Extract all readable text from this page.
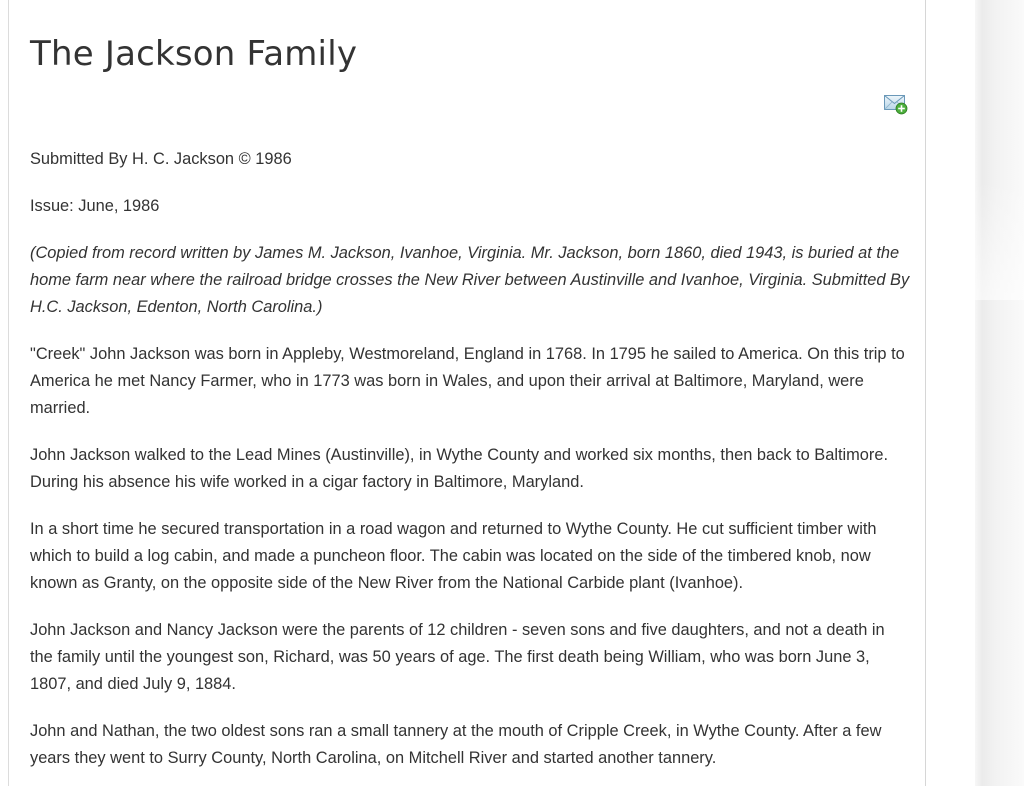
The Jackson Family

Submitted By H. C. Jackson © 1986

Issue: June, 1986

(Copied from record written by James M. Jackson, Ivanhoe, Virginia. Mr. Jackson, born 1860, died 1943, is buried at the home farm near where the railroad bridge crosses the New River between Austinville and Ivanhoe, Virginia. Submitted By H.C. Jackson, Edenton, North Carolina.)

"Creek" John Jackson was born in Appleby, Westmoreland, England in 1768. In 1795 he sailed to America. On this trip to America he met Nancy Farmer, who in 1773 was born in Wales, and upon their arrival at Baltimore, Maryland, were married.

John Jackson walked to the Lead Mines (Austinville), in Wythe County and worked six months, then back to Baltimore. During his absence his wife worked in a cigar factory in Baltimore, Maryland.

In a short time he secured transportation in a road wagon and returned to Wythe County. He cut sufficient timber with which to build a log cabin, and made a puncheon floor. The cabin was located on the side of the timbered knob, now known as Granty, on the opposite side of the New River from the National Carbide plant (Ivanhoe).

John Jackson and Nancy Jackson were the parents of 12 children - seven sons and five daughters, and not a death in the family until the youngest son, Richard, was 50 years of age. The first death being William, who was born June 3, 1807, and died July 9, 1884.

John and Nathan, the two oldest sons ran a small tannery at the mouth of Cripple Creek, in Wythe County. After a few years they went to Surry County, North Carolina, on Mitchell River and started another tannery.
